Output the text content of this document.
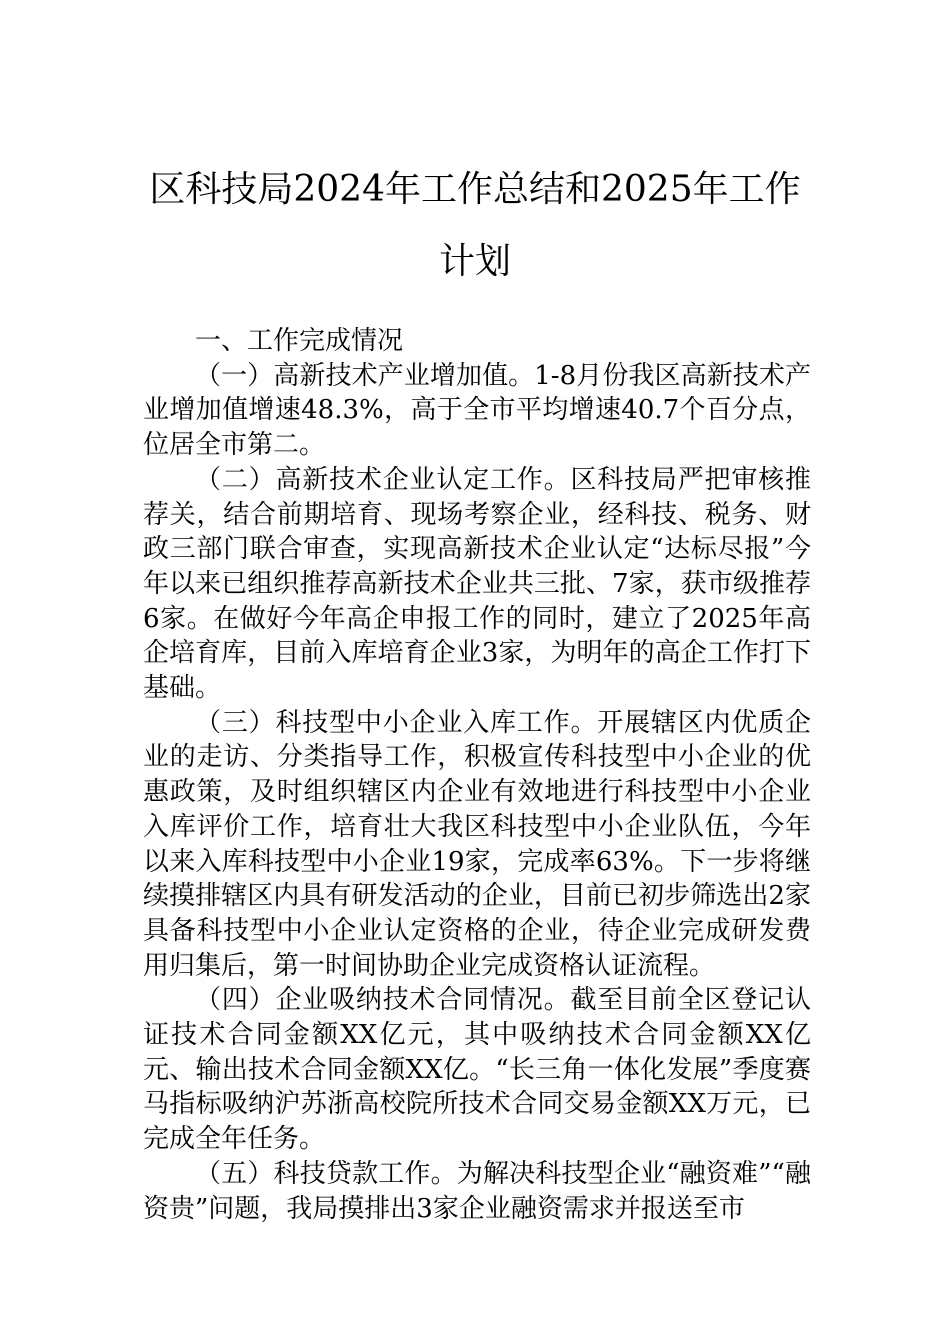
区科技局2024年工作总结和2025年工作计划

一、工作完成情况

（一）高新技术产业增加值。1-8月份我区高新技术产业增加值增速48.3%，高于全市平均增速40.7个百分点，位居全市第二。

（二）高新技术企业认定工作。区科技局严把审核推荐关，结合前期培育、现场考察企业，经科技、税务、财政三部门联合审查，实现高新技术企业认定“达标尽报”今年以来已组织推荐高新技术企业共三批、7家，获市级推荐6家。在做好今年高企申报工作的同时，建立了2025年高企培育库，目前入库培育企业3家，为明年的高企工作打下基础。

（三）科技型中小企业入库工作。开展辖区内优质企业的走访、分类指导工作，积极宣传科技型中小企业的优惠政策，及时组织辖区内企业有效地进行科技型中小企业入库评价工作，培育壮大我区科技型中小企业队伍，今年以来入库科技型中小企业19家，完成率63%。下一步将继续摸排辖区内具有研发活动的企业，目前已初步筛选出2家具备科技型中小企业认定资格的企业，待企业完成研发费用归集后，第一时间协助企业完成资格认证流程。

（四）企业吸纳技术合同情况。截至目前全区登记认证技术合同金额XX亿元，其中吸纳技术合同金额XX亿元、输出技术合同金额XX亿。“长三角一体化发展”季度赛马指标吸纳沪苏浙高校院所技术合同交易金额XX万元，已完成全年任务。

（五）科技贷款工作。为解决科技型企业“融资难”“融资贵”问题，我局摸排出3家企业融资需求并报送至市
